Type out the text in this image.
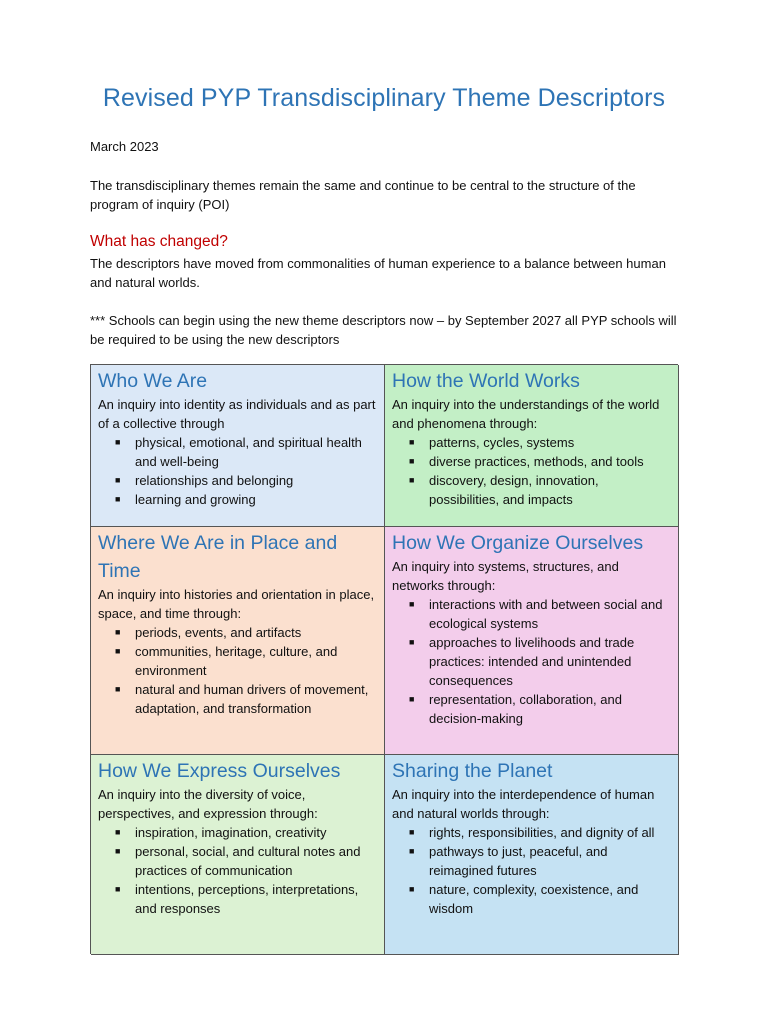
Revised PYP Transdisciplinary Theme Descriptors

March 2023

The transdisciplinary themes remain the same and continue to be central to the structure of the program of inquiry (POI)

What has changed?

The descriptors have moved from commonalities of human experience to a balance between human and natural worlds.

*** Schools can begin using the new theme descriptors now – by September 2027 all PYP schools will be required to be using the new descriptors

Who We Are

An inquiry into identity as individuals and as part of a collective through

■ physical, emotional, and spiritual health and well-being
■ relationships and belonging
■ learning and growing
How the World Works

An inquiry into the understandings of the world and phenomena through:

■ patterns, cycles, systems
■ diverse practices, methods, and tools
■ discovery, design, innovation, possibilities, and impacts
Where We Are in Place and Time

An inquiry into histories and orientation in place, space, and time through:

■ periods, events, and artifacts
■ communities, heritage, culture, and environment
■ natural and human drivers of movement, adaptation, and transformation
How We Organize Ourselves

An inquiry into systems, structures, and networks through:

■ interactions with and between social and ecological systems
■ approaches to livelihoods and trade practices: intended and unintended consequences
■ representation, collaboration, and decision-making
How We Express Ourselves

An inquiry into the diversity of voice, perspectives, and expression through:

■ inspiration, imagination, creativity
■ personal, social, and cultural notes and practices of communication
■ intentions, perceptions, interpretations, and responses
Sharing the Planet

An inquiry into the interdependence of human and natural worlds through:

■ rights, responsibilities, and dignity of all
■ pathways to just, peaceful, and reimagined futures
■ nature, complexity, coexistence, and wisdom
